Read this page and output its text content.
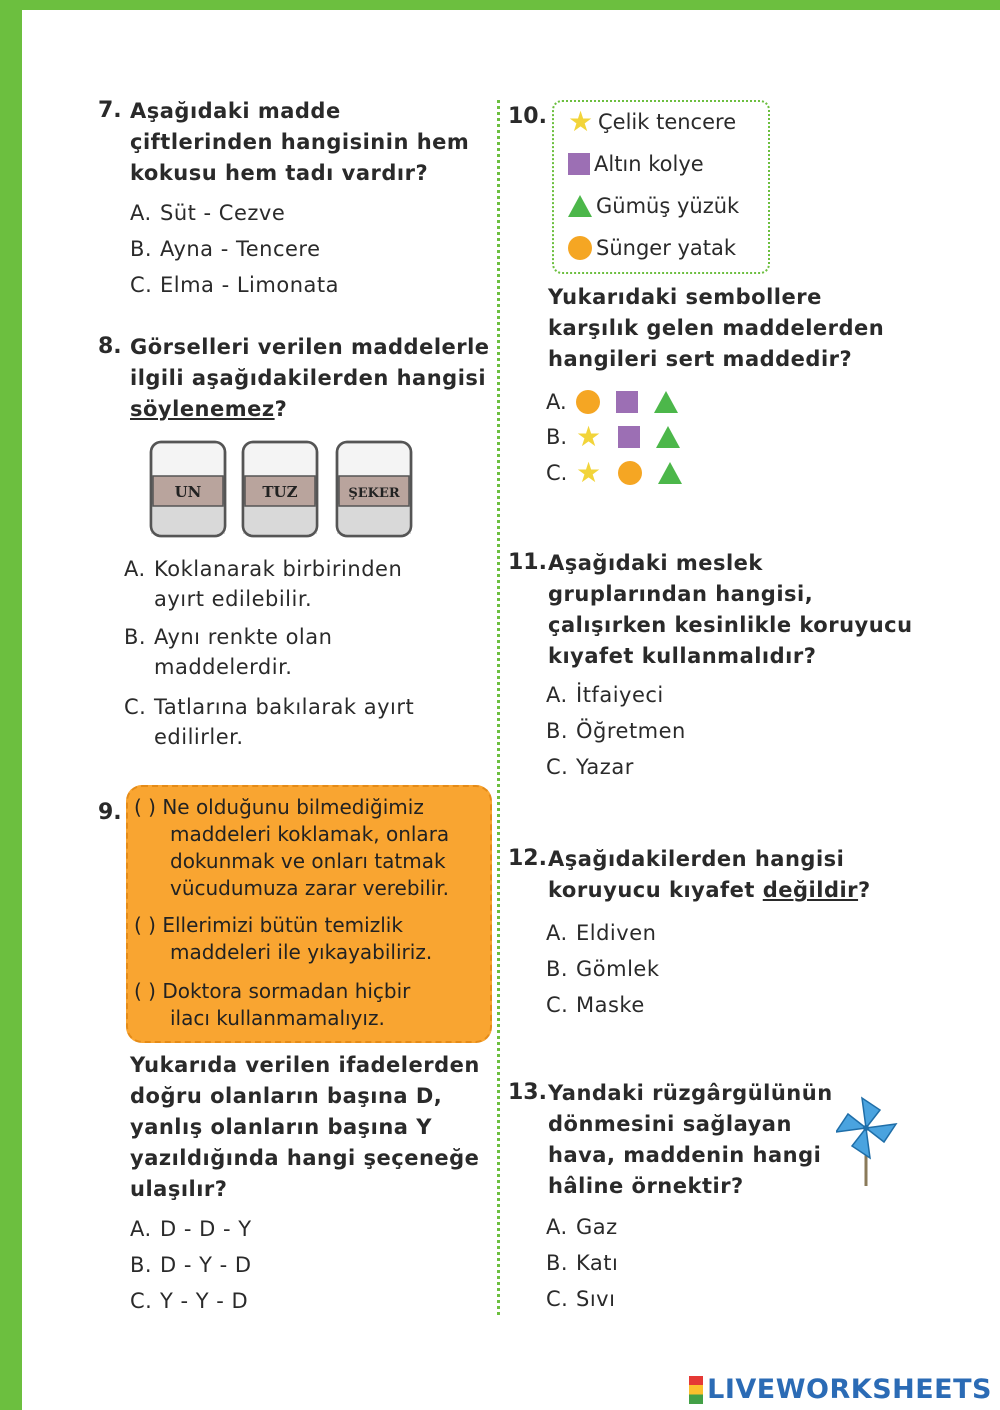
7. Aşağıdaki madde
çiftlerinden hangisinin hem
kokusu hem tadı vardır?
A. Süt - Cezve
B. Ayna - Tencere
C. Elma - Limonata
8. Görselleri verilen maddelerle
ilgili aşağıdakilerden hangisi
söylenemez?
UN	TUZ	ŞEKER
A. Koklanarak birbirinden
ayırt edilebilir.
B. Aynı renkte olan
maddelerdir.
C. Tatlarına bakılarak ayırt
edilirler.
9. ( ) Ne olduğunu bilmediğimiz
maddeleri koklamak, onlara
dokunmak ve onları tatmak
vücudumuza zarar verebilir.
( ) Ellerimizi bütün temizlik
maddeleri ile yıkayabiliriz.
( ) Doktora sormadan hiçbir
ilacı kullanmamalıyız.
Yukarıda verilen ifadelerden
doğru olanların başına D,
yanlış olanların başına Y
yazıldığında hangi şeçeneğe
ulaşılır?
A. D - D - Y
B. D - Y - D
C. Y - Y - D
10. ★ Çelik tencere
Altın kolye
Gümüş yüzük
Sünger yatak
Yukarıdaki sembollere
karşılık gelen maddelerden
hangileri sert maddedir?
A.
B. ★
C. ★
11. Aşağıdaki meslek
gruplarından hangisi,
çalışırken kesinlikle koruyucu
kıyafet kullanmalıdır?
A. İtfaiyeci
B. Öğretmen
C. Yazar
12. Aşağıdakilerden hangisi
koruyucu kıyafet değildir?
A. Eldiven
B. Gömlek
C. Maske
13. Yandaki rüzgârgülünün
dönmesini sağlayan
hava, maddenin hangi
hâline örnektir?
A. Gaz
B. Katı
C. Sıvı
LIVEWORKSHEETS
